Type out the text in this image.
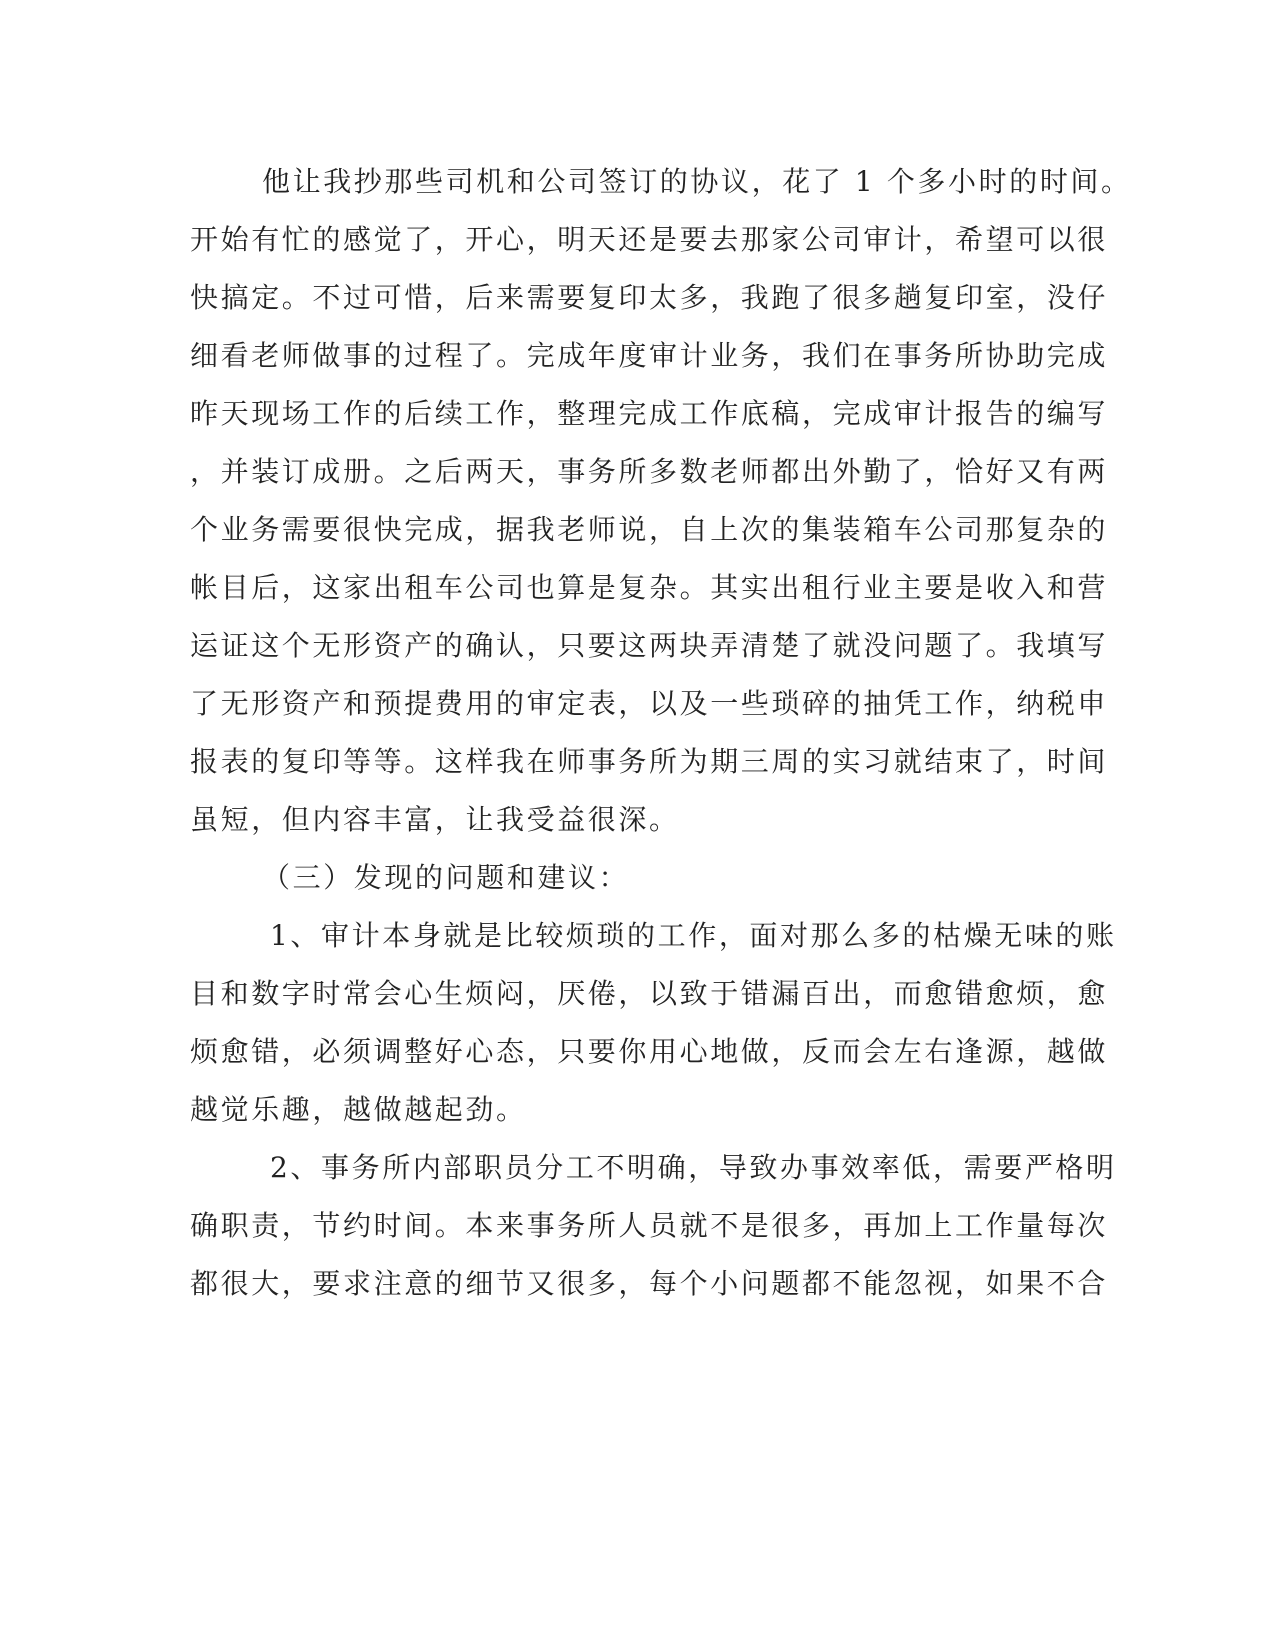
他让我抄那些司机和公司签订的协议，花了 1 个多小时的时间。
开始有忙的感觉了，开心，明天还是要去那家公司审计，希望可以很
快搞定。不过可惜，后来需要复印太多，我跑了很多趟复印室，没仔
细看老师做事的过程了。完成年度审计业务，我们在事务所协助完成
昨天现场工作的后续工作，整理完成工作底稿，完成审计报告的编写
，并装订成册。之后两天，事务所多数老师都出外勤了，恰好又有两
个业务需要很快完成，据我老师说，自上次的集装箱车公司那复杂的
帐目后，这家出租车公司也算是复杂。其实出租行业主要是收入和营
运证这个无形资产的确认，只要这两块弄清楚了就没问题了。我填写
了无形资产和预提费用的审定表，以及一些琐碎的抽凭工作，纳税申
报表的复印等等。这样我在师事务所为期三周的实习就结束了，时间
虽短，但内容丰富，让我受益很深。
（三）发现的问题和建议：
1、审计本身就是比较烦琐的工作，面对那么多的枯燥无味的账
目和数字时常会心生烦闷，厌倦，以致于错漏百出，而愈错愈烦，愈
烦愈错，必须调整好心态，只要你用心地做，反而会左右逢源，越做
越觉乐趣，越做越起劲。
2、事务所内部职员分工不明确，导致办事效率低，需要严格明
确职责，节约时间。本来事务所人员就不是很多，再加上工作量每次
都很大，要求注意的细节又很多，每个小问题都不能忽视，如果不合
